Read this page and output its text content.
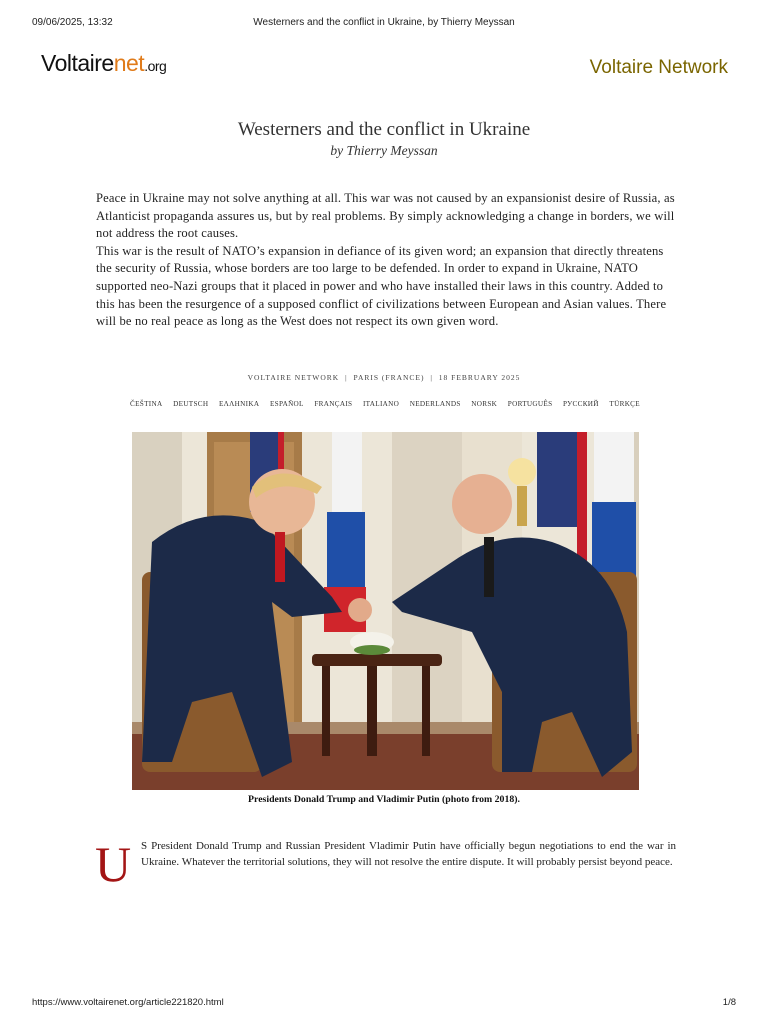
09/06/2025, 13:32	Westerners and the conflict in Ukraine, by Thierry Meyssan
Voltairenet.org	Voltaire Network
Westerners and the conflict in Ukraine
by Thierry Meyssan

Peace in Ukraine may not solve anything at all. This war was not caused by an expansionist desire of Russia, as Atlanticist propaganda assures us, but by real problems. By simply acknowledging a change in borders, we will not address the root causes.

This war is the result of NATO’s expansion in defiance of its given word; an expansion that directly threatens the security of Russia, whose borders are too large to be defended. In order to expand in Ukraine, NATO supported neo-Nazi groups that it placed in power and who have installed their laws in this country. Added to this has been the resurgence of a supposed conflict of civilizations between European and Asian values. There will be no real peace as long as the West does not respect its own given word.

VOLTAIRE NETWORK | PARIS (FRANCE) | 18 FEBRUARY 2025
ČEŠTINA DEUTSCH ΕΛΛΗΝΙΚΑ ESPAÑOL FRANÇAIS ITALIANO NEDERLANDS NORSK PORTUGUÊS РУССКИЙ TÜRKÇE
Presidents Donald Trump and Vladimir Putin (photo from 2018).
U S President Donald Trump and Russian President Vladimir Putin have officially begun negotiations to end the war in Ukraine. Whatever the territorial solutions, they will not resolve the entire dispute. It will probably persist beyond peace.

https://www.voltairenet.org/article221820.html	1/8
